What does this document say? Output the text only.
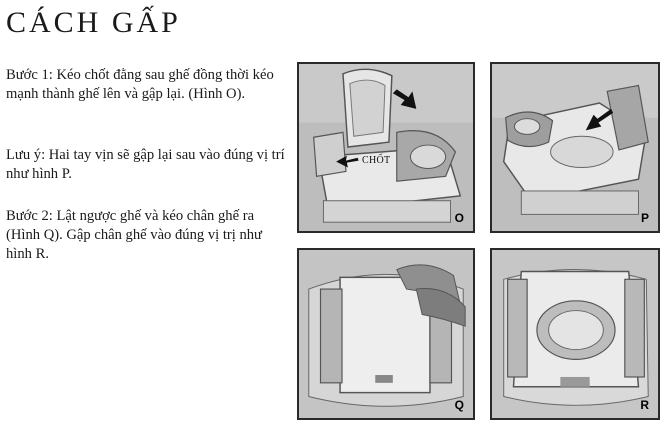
CÁCH GẤP

Bước 1: Kéo chốt đằng sau ghế đồng thời kéo mạnh thành ghế lên và gập lại. (Hình O).

Lưu ý: Hai tay vịn sẽ gập lại sau vào đúng vị trí như hình P.

Bước 2: Lật ngược ghế và kéo chân ghế ra (Hình Q). Gập chân ghế vào đúng vị trị như hình R.

O
CHỐT
P
Q	R
